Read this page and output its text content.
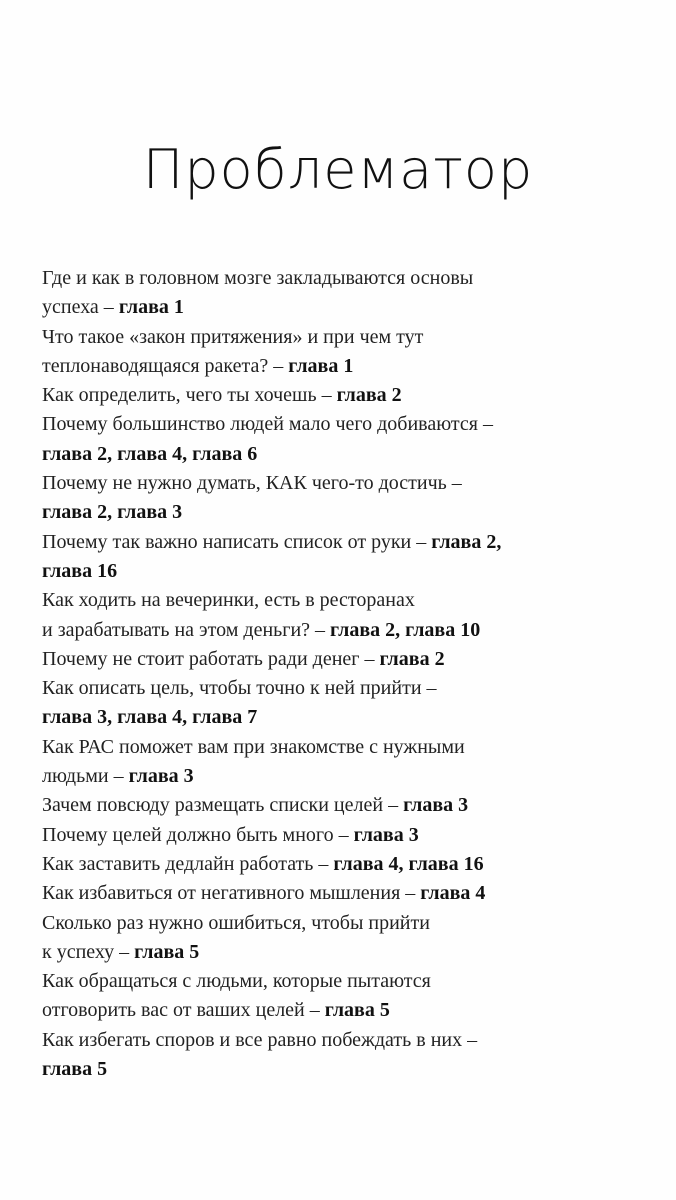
Проблематор
Где и как в головном мозге закладываются основы
успеха – глава 1
Что такое «закон притяжения» и при чем тут
теплонаводящаяся ракета? – глава 1
Как определить, чего ты хочешь – глава 2
Почему большинство людей мало чего добиваются –
глава 2, глава 4, глава 6
Почему не нужно думать, КАК чего-то достичь –
глава 2, глава 3
Почему так важно написать список от руки – глава 2,
глава 16
Как ходить на вечеринки, есть в ресторанах
и зарабатывать на этом деньги? – глава 2, глава 10
Почему не стоит работать ради денег – глава 2
Как описать цель, чтобы точно к ней прийти –
глава 3, глава 4, глава 7
Как РАС поможет вам при знакомстве с нужными
людьми – глава 3
Зачем повсюду размещать списки целей – глава 3
Почему целей должно быть много – глава 3
Как заставить дедлайн работать – глава 4, глава 16
Как избавиться от негативного мышления – глава 4
Сколько раз нужно ошибиться, чтобы прийти
к успеху – глава 5
Как обращаться с людьми, которые пытаются
отговорить вас от ваших целей – глава 5
Как избегать споров и все равно побеждать в них –
глава 5
